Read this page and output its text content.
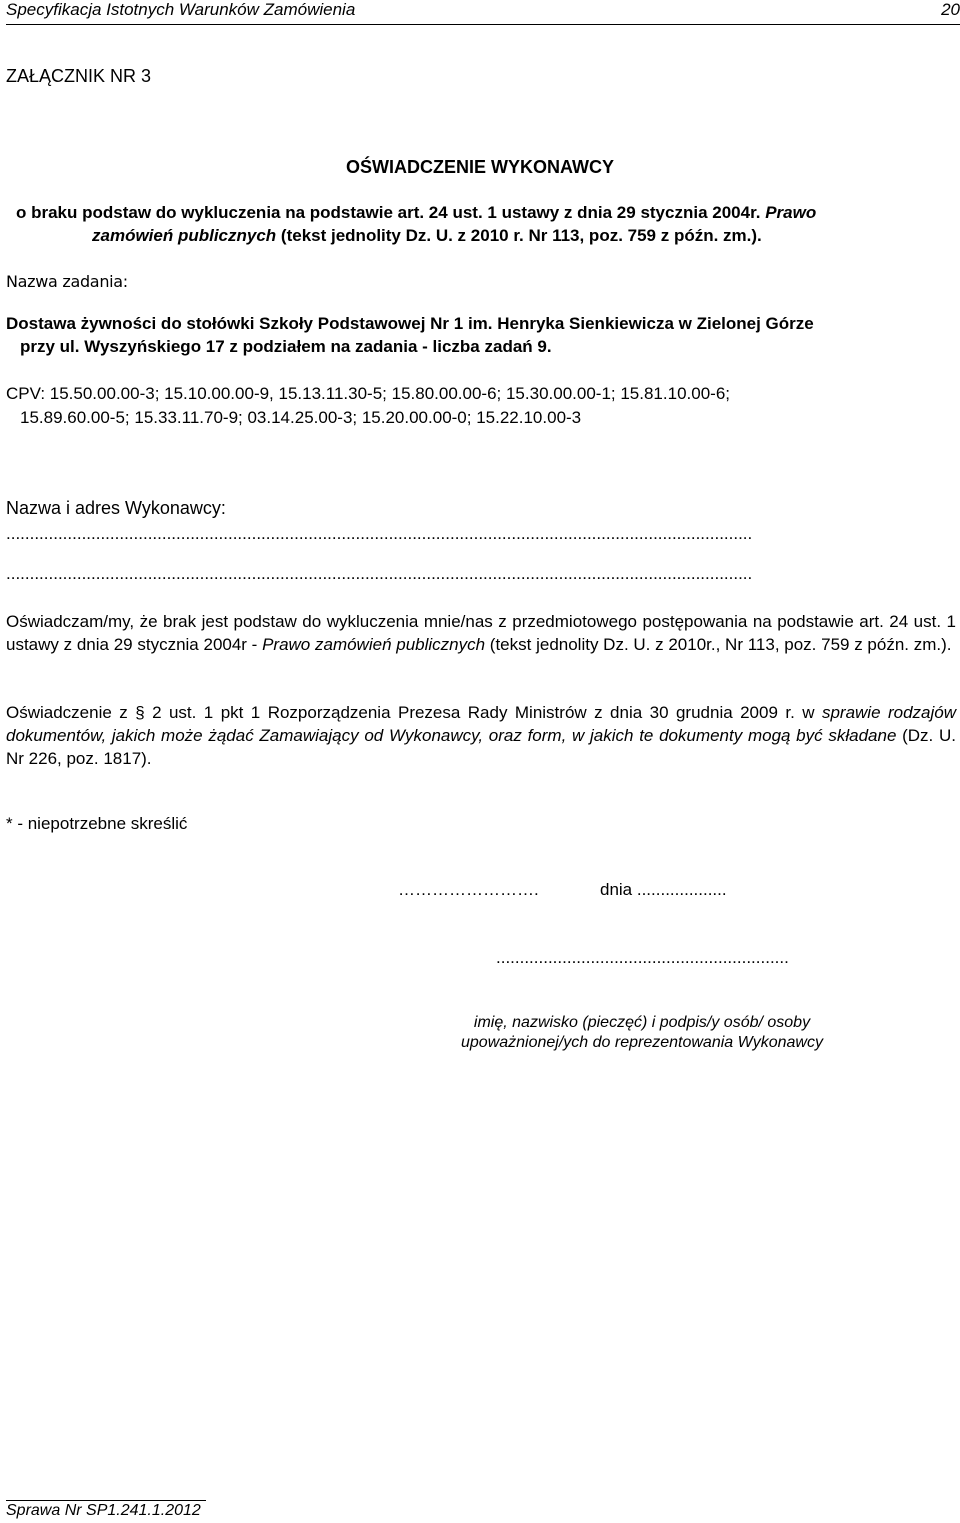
Specyfikacja Istotnych Warunków Zamówienia	20
ZAŁĄCZNIK NR 3
OŚWIADCZENIE WYKONAWCY
o braku podstaw do wykluczenia na podstawie art. 24 ust. 1 ustawy z dnia 29 stycznia 2004r. Prawo
zamówień publicznych (tekst jednolity Dz. U. z 2010 r. Nr 113, poz. 759 z późn. zm.).
Nazwa zadania:
Dostawa żywności do stołówki Szkoły Podstawowej Nr 1 im. Henryka Sienkiewicza w Zielonej Górze
przy ul. Wyszyńskiego 17 z podziałem na zadania - liczba zadań 9.
CPV: 15.50.00.00-3; 15.10.00.00-9, 15.13.11.30-5; 15.80.00.00-6; 15.30.00.00-1; 15.81.10.00-6;
15.89.60.00-5; 15.33.11.70-9; 03.14.25.00-3; 15.20.00.00-0; 15.22.10.00-3
Nazwa i adres Wykonawcy:
..............................................................................................................................................................
..............................................................................................................................................................
Oświadczam/my, że brak jest podstaw do wykluczenia mnie/nas z przedmiotowego postępowania na podstawie art. 24 ust. 1 ustawy z dnia 29 stycznia 2004r - Prawo zamówień publicznych (tekst jednolity Dz. U. z 2010r., Nr 113, poz. 759 z późn. zm.).
Oświadczenie z § 2 ust. 1 pkt 1 Rozporządzenia Prezesa Rady Ministrów z dnia 30 grudnia 2009 r. w sprawie rodzajów dokumentów, jakich może żądać Zamawiający od Wykonawcy, oraz form, w jakich te dokumenty mogą być składane (Dz. U. Nr 226, poz. 1817).
* - niepotrzebne skreślić
…………………….	dnia ...................
..............................................................
imię, nazwisko (pieczęć) i podpis/y osób/ osoby
upoważnionej/ych do reprezentowania Wykonawcy
Sprawa Nr SP1.241.1.2012
